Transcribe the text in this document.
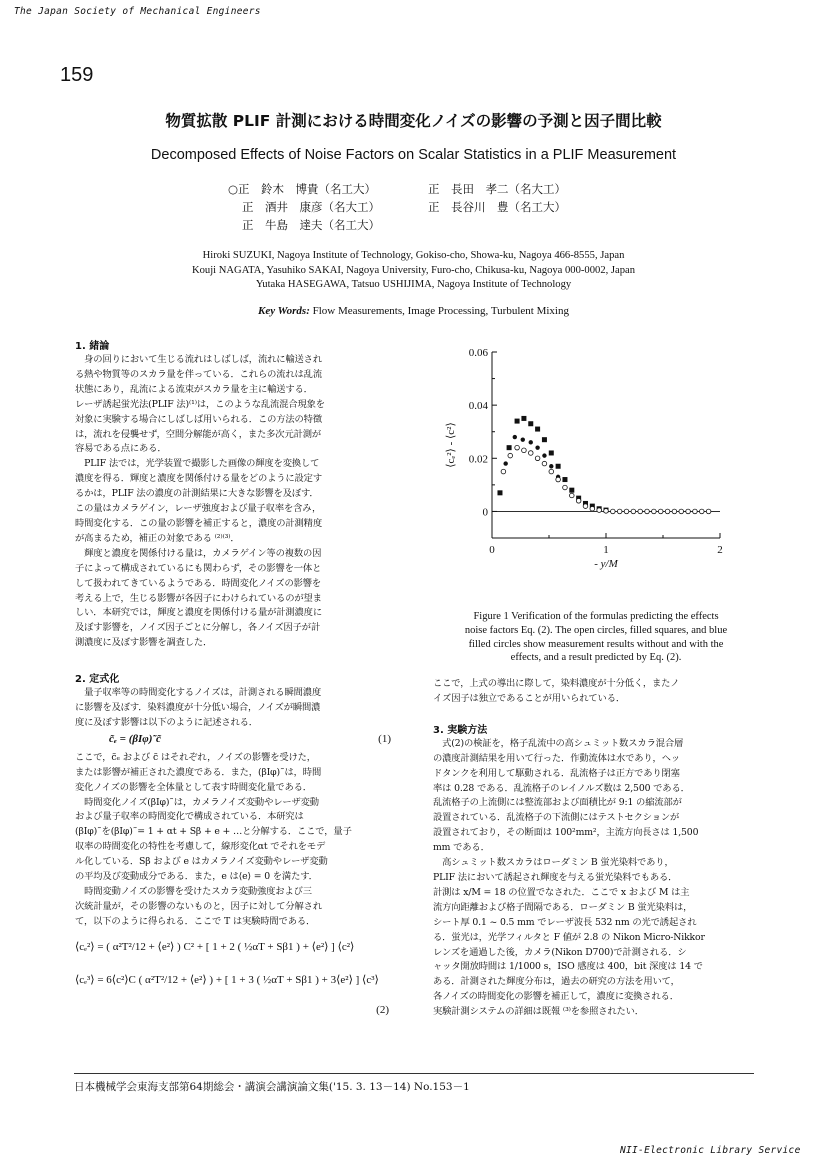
The Japan Society of Mechanical Engineers
159
物質拡散 PLIF 計測における時間変化ノイズの影響の予測と因子間比較
Decomposed Effects of Noise Factors on Scalar Statistics in a PLIF Measurement
○正　鈴木　博貴（名工大）	正　長田　孝二（名大工）
正　酒井　康彦（名大工）	正　長谷川　豊（名工大）
正　牛島　達夫（名工大）
Hiroki SUZUKI, Nagoya Institute of Technology, Gokiso-cho, Showa-ku, Nagoya 466-8555, Japan
Kouji NAGATA, Yasuhiko SAKAI, Nagoya University, Furo-cho, Chikusa-ku, Nagoya 000-0002, Japan
Yutaka HASEGAWA, Tatsuo USHIJIMA, Nagoya Institute of Technology
Key Words: Flow Measurements, Image Processing, Turbulent Mixing
1. 緒論

　身の回りにおいて生じる流れはしばしば，流れに輸送され

る熱や物質等のスカラ量を伴っている．これらの流れは乱流

状態にあり，乱流による流束がスカラ量を主に輸送する．

レーザ誘起蛍光法(PLIF 法)⁽¹⁾は，このような乱流混合現象を

対象に実験する場合にしばしば用いられる．この方法の特徴

は，流れを侵襲せず，空間分解能が高く，また多次元計測が

容易である点にある．

　PLIF 法では，光学装置で撮影した画像の輝度を変換して

濃度を得る．輝度と濃度を関係付ける量をどのように設定す

るかは，PLIF 法の濃度の計測結果に大きな影響を及ぼす．

この量はカメラゲイン，レーザ強度および量子収率を含み，

時間変化する．この量の影響を補正すると，濃度の計測精度

が高まるため，補正の対象である ⁽²⁾⁽³⁾．

　輝度と濃度を関係付ける量は，カメラゲイン等の複数の因

子によって構成されているにも関わらず，その影響を一体と

して扱われてきているようである．時間変化ノイズの影響を

考える上で，生じる影響が各因子にわけられているのが望ま

しい．本研究では，輝度と濃度を関係付ける量が計測濃度に

及ぼす影響を，ノイズ因子ごとに分解し，各ノイズ因子が計

測濃度に及ぼす影響を調査した．

2. 定式化

　量子収率等の時間変化するノイズは，計測される瞬間濃度

に影響を及ぼす．染料濃度が十分低い場合，ノイズが瞬間濃

度に及ぼす影響は以下のように記述される．

c̃ₑ = (βIφ)˜c̃	(1)

ここで，c̃ₑ および c̃ はそれぞれ，ノイズの影響を受けた，

または影響が補正された濃度である．また，(βIφ)˜は，時間

変化ノイズの影響を全体量として表す時間変化量である．

　時間変化ノイズ(βIφ)˜は，カメラノイズ変動やレーザ変動

および量子収率の時間変化で構成されている．本研究は

(βIφ)˜を(βIφ)˜= 1 + αt + Sβ + e + …と分解する．ここで，量子

収率の時間変化の特性を考慮して，線形変化αt でそれをモデ

ル化している．Sβ および e はカメラノイズ変動やレーザ変動

の平均及び変動成分である．また，e は⟨e⟩ = 0 を満たす．

　時間変動ノイズの影響を受けたスカラ変動強度および三

次統計量が，その影響のないものと，因子に対して分解され

て，以下のように得られる．ここで T は実験時間である．

⟨cₑ²⟩ = ( α²T²/12 + ⟨e²⟩ ) C² + [ 1 + 2 ( ½αT + Sβ1 ) + ⟨e²⟩ ] ⟨c²⟩
⟨cₑ³⟩ = 6⟨c²⟩C ( α²T²/12 + ⟨e²⟩ ) + [ 1 + 3 ( ½αT + Sβ1 ) + 3⟨e²⟩ ] ⟨c³⟩
(2)
0
0.02
0.04
0.06
0	1	2
- y/M
⟨cₑ²⟩ - ⟨c²⟩
Figure 1 Verification of the formulas predicting the effects
noise factors Eq. (2). The open circles, filled squares, and blue
filled circles show measurement results without and with the
effects, and a result predicted by Eq. (2).

ここで，上式の導出に際して，染料濃度が十分低く，またノ

イズ因子は独立であることが用いられている．

3. 実験方法

　式(2)の検証を，格子乱流中の高シュミット数スカラ混合層

の濃度計測結果を用いて行った．作動流体は水であり，ヘッ

ドタンクを利用して駆動される．乱流格子は正方であり閉塞

率は 0.28 である．乱流格子のレイノルズ数は 2,500 である．

乱流格子の上流側には整流部および面積比が 9:1 の縮流部が

設置されている．乱流格子の下流側にはテストセクションが

設置されており，その断面は 100²mm²，主流方向長さは 1,500

mm である．

　高シュミット数スカラはローダミン B 蛍光染料であり，

PLIF 法において誘起され輝度を与える蛍光染料でもある．

計測は x/M = 18 の位置でなされた．ここで x および M は主

流方向距離および格子間隔である．ローダミン B 蛍光染料は，

シート厚 0.1 ~ 0.5 mm でレーザ波長 532 nm の光で誘起され

る．蛍光は，光学フィルタと F 値が 2.8 の Nikon Micro-Nikkor

レンズを通過した後，カメラ(Nikon D700)で計測される．シ

ャッタ開放時間は 1/1000 s，ISO 感度は 400，bit 深度は 14 で

ある．計測された輝度分布は，過去の研究の方法を用いて，

各ノイズの時間変化の影響を補正して，濃度に変換される．

実験計測システムの詳細は既報 ⁽³⁾を参照されたい．

日本機械学会東海支部第64期総会・講演会講演論文集('15. 3. 13－14) No.153－1
NII-Electronic Library Service
